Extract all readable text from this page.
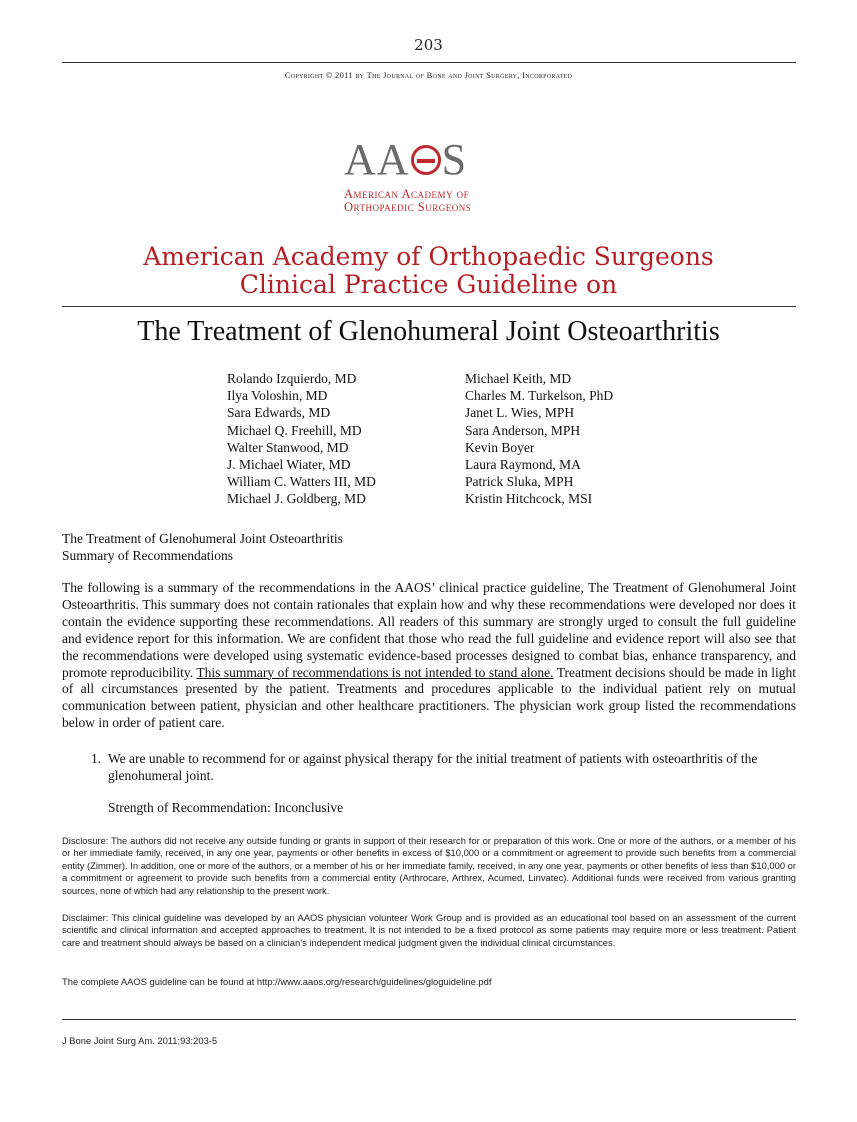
203
Copyright © 2011 by The Journal of Bone and Joint Surgery, Incorporated
AA S
American Academy of
Orthopaedic Surgeons
American Academy of Orthopaedic Surgeons
Clinical Practice Guideline on
The Treatment of Glenohumeral Joint Osteoarthritis
Rolando Izquierdo, MD
Ilya Voloshin, MD
Sara Edwards, MD
Michael Q. Freehill, MD
Walter Stanwood, MD
J. Michael Wiater, MD
William C. Watters III, MD
Michael J. Goldberg, MD
Michael Keith, MD
Charles M. Turkelson, PhD
Janet L. Wies, MPH
Sara Anderson, MPH
Kevin Boyer
Laura Raymond, MA
Patrick Sluka, MPH
Kristin Hitchcock, MSI
The Treatment of Glenohumeral Joint Osteoarthritis
Summary of Recommendations
The following is a summary of the recommendations in the AAOS’ clinical practice guideline, The Treatment of Glenohumeral Joint Osteoarthritis. This summary does not contain rationales that explain how and why these recommendations were developed nor does it contain the evidence supporting these recommendations. All readers of this summary are strongly urged to consult the full guideline and evidence report for this information. We are confident that those who read the full guideline and evidence report will also see that the recommendations were developed using systematic evidence-based processes designed to combat bias, enhance transparency, and promote reproducibility. This summary of recommendations is not intended to stand alone. Treatment decisions should be made in light of all circumstances presented by the patient. Treatments and procedures applicable to the individual patient rely on mutual communication between patient, physician and other healthcare practitioners. The physician work group listed the recommendations below in order of patient care.
1. We are unable to recommend for or against physical therapy for the initial treatment of patients with osteoarthritis of the glenohumeral joint.
Strength of Recommendation: Inconclusive
Disclosure: The authors did not receive any outside funding or grants in support of their research for or preparation of this work. One or more of the authors, or a member of his or her immediate family, received, in any one year, payments or other benefits in excess of $10,000 or a commitment or agreement to provide such benefits from a commercial entity (Zimmer). In addition, one or more of the authors, or a member of his or her immediate family, received, in any one year, payments or other benefits of less than $10,000 or a commitment or agreement to provide such benefits from a commercial entity (Arthrocare, Arthrex, Acumed, Linvatec). Additional funds were received from various granting sources, none of which had any relationship to the present work.
Disclaimer: This clinical guideline was developed by an AAOS physician volunteer Work Group and is provided as an educational tool based on an assessment of the current scientific and clinical information and accepted approaches to treatment. It is not intended to be a fixed protocol as some patients may require more or less treatment. Patient care and treatment should always be based on a clinician’s independent medical judgment given the individual clinical circumstances.
The complete AAOS guideline can be found at http://www.aaos.org/research/guidelines/gloguideline.pdf
J Bone Joint Surg Am. 2011;93:203-5
